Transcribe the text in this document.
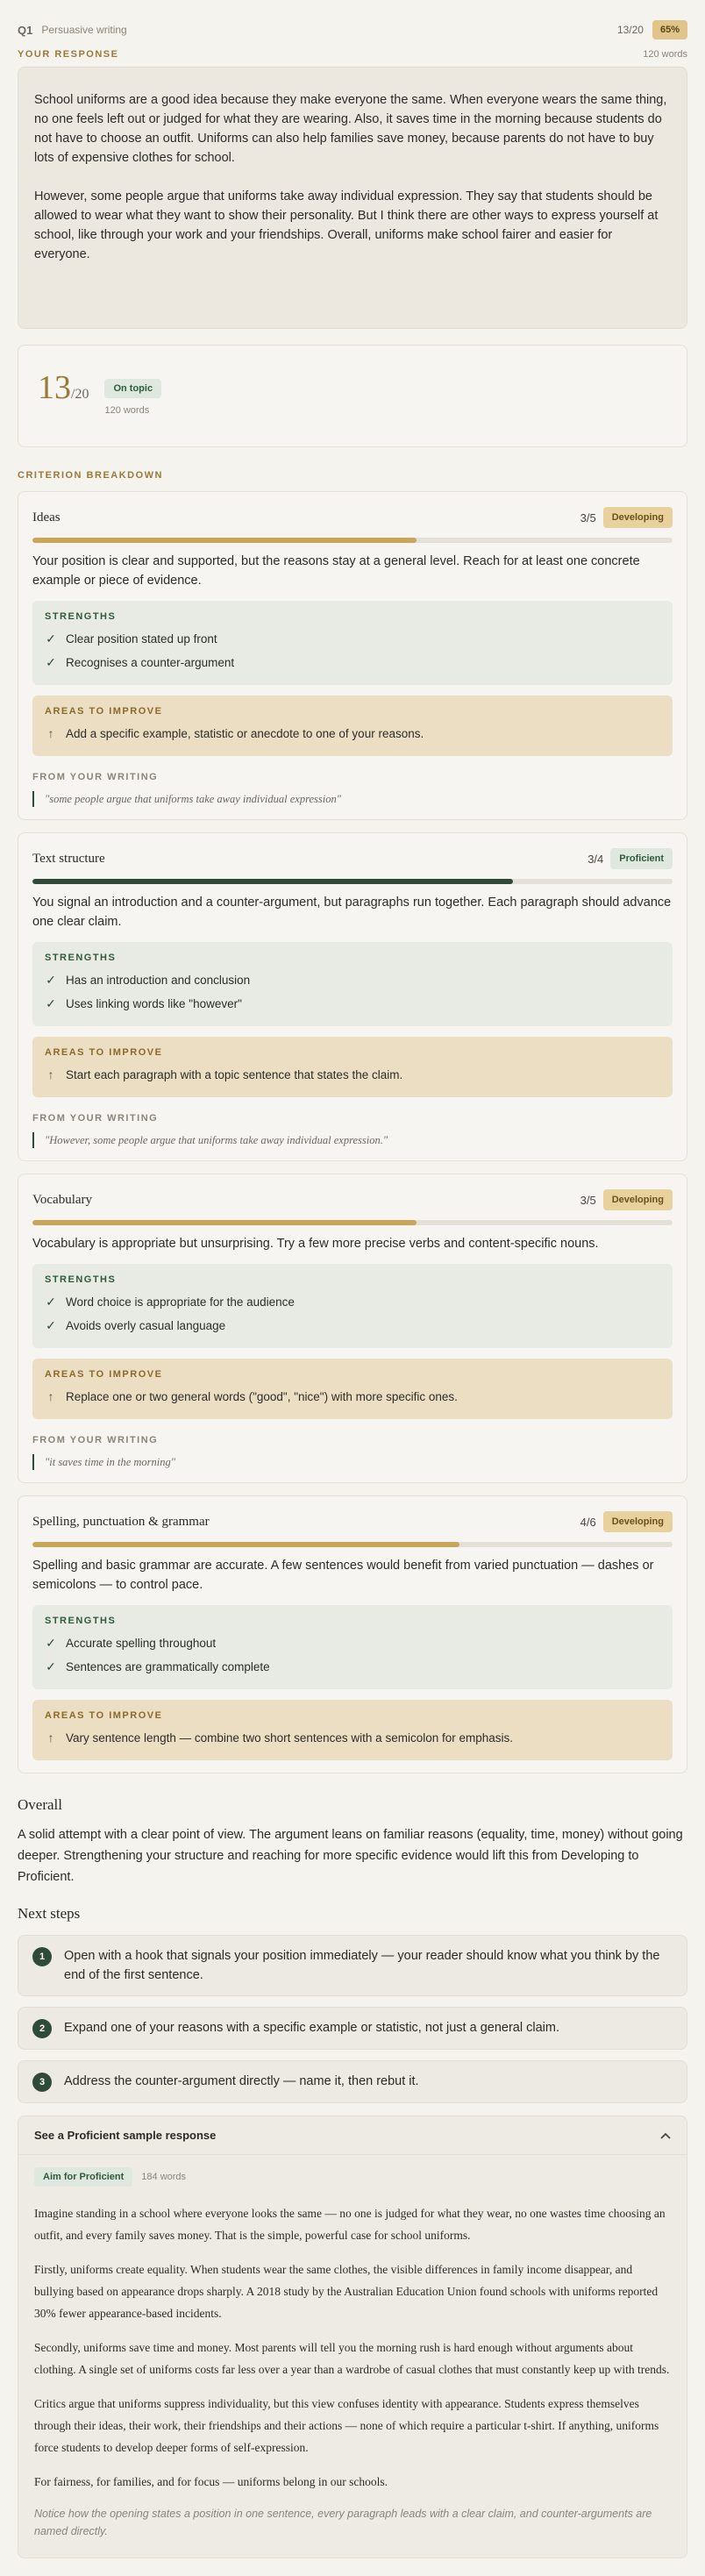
Q1 Persuasive writing	13/20	65%
YOUR RESPONSE	120 words

School uniforms are a good idea because they make everyone the same. When everyone wears the same thing, no one feels left out or judged for what they are wearing. Also, it saves time in the morning because students do not have to choose an outfit. Uniforms can also help families save money, because parents do not have to buy lots of expensive clothes for school.

However, some people argue that uniforms take away individual expression. They say that students should be allowed to wear what they want to show their personality. But I think there are other ways to express yourself at school, like through your work and your friendships. Overall, uniforms make school fairer and easier for everyone.

13/20	On topic
120 words
CRITERION BREAKDOWN
Ideas	3/5	Developing
Your position is clear and supported, but the reasons stay at a general level. Reach for at least one concrete example or piece of evidence.
STRENGTHS
✓ Clear position stated up front
✓ Recognises a counter-argument
AREAS TO IMPROVE
↑ Add a specific example, statistic or anecdote to one of your reasons.
FROM YOUR WRITING
"some people argue that uniforms take away individual expression"
Text structure	3/4	Proficient
You signal an introduction and a counter-argument, but paragraphs run together. Each paragraph should advance one clear claim.
STRENGTHS
✓ Has an introduction and conclusion
✓ Uses linking words like "however"
AREAS TO IMPROVE
↑ Start each paragraph with a topic sentence that states the claim.
FROM YOUR WRITING
"However, some people argue that uniforms take away individual expression."
Vocabulary	3/5	Developing
Vocabulary is appropriate but unsurprising. Try a few more precise verbs and content-specific nouns.
STRENGTHS
✓ Word choice is appropriate for the audience
✓ Avoids overly casual language
AREAS TO IMPROVE
↑ Replace one or two general words ("good", "nice") with more specific ones.
FROM YOUR WRITING
"it saves time in the morning"
Spelling, punctuation & grammar	4/6	Developing
Spelling and basic grammar are accurate. A few sentences would benefit from varied punctuation — dashes or semicolons — to control pace.
STRENGTHS
✓ Accurate spelling throughout
✓ Sentences are grammatically complete
AREAS TO IMPROVE
↑ Vary sentence length — combine two short sentences with a semicolon for emphasis.
Overall
A solid attempt with a clear point of view. The argument leans on familiar reasons (equality, time, money) without going deeper. Strengthening your structure and reaching for more specific evidence would lift this from Developing to Proficient.
Next steps
1	Open with a hook that signals your position immediately — your reader should know what you think by the end of the first sentence.
2	Expand one of your reasons with a specific example or statistic, not just a general claim.
3	Address the counter-argument directly — name it, then rebut it.
See a Proficient sample response
Aim for Proficient	184 words

Imagine standing in a school where everyone looks the same — no one is judged for what they wear, no one wastes time choosing an outfit, and every family saves money. That is the simple, powerful case for school uniforms.

Firstly, uniforms create equality. When students wear the same clothes, the visible differences in family income disappear, and bullying based on appearance drops sharply. A 2018 study by the Australian Education Union found schools with uniforms reported 30% fewer appearance-based incidents.

Secondly, uniforms save time and money. Most parents will tell you the morning rush is hard enough without arguments about clothing. A single set of uniforms costs far less over a year than a wardrobe of casual clothes that must constantly keep up with trends.

Critics argue that uniforms suppress individuality, but this view confuses identity with appearance. Students express themselves through their ideas, their work, their friendships and their actions — none of which require a particular t-shirt. If anything, uniforms force students to develop deeper forms of self-expression.

For fairness, for families, and for focus — uniforms belong in our schools.

Notice how the opening states a position in one sentence, every paragraph leads with a clear claim, and counter-arguments are named directly.
